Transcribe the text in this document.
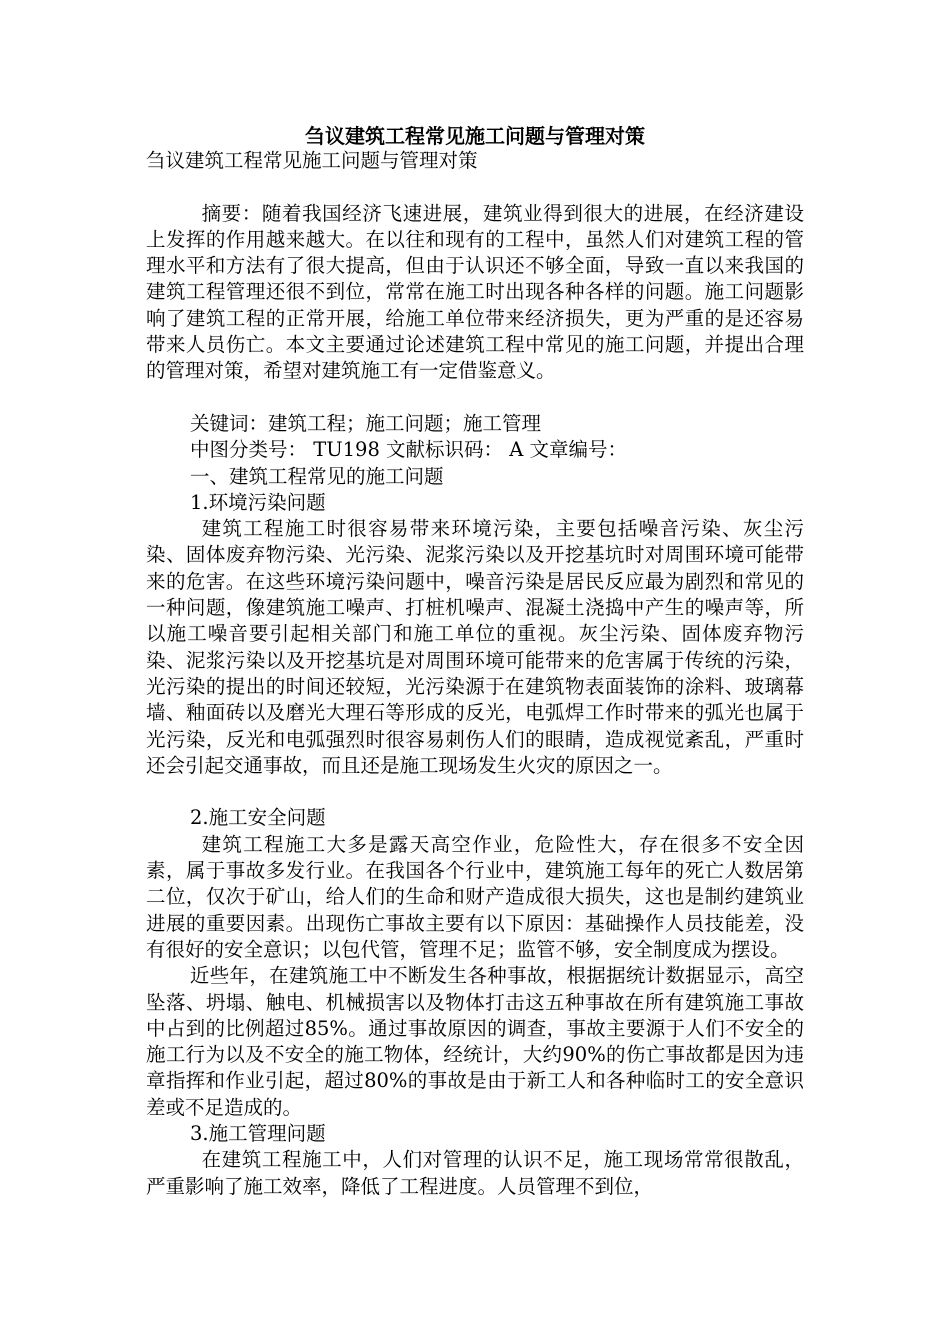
刍议建筑工程常见施工问题与管理对策

刍议建筑工程常见施工问题与管理对策

摘要：随着我国经济飞速进展，建筑业得到很大的进展，在经济建设上发挥的作用越来越大。在以往和现有的工程中，虽然人们对建筑工程的管理水平和方法有了很大提高，但由于认识还不够全面，导致一直以来我国的建筑工程管理还很不到位，常常在施工时出现各种各样的问题。施工问题影响了建筑工程的正常开展，给施工单位带来经济损失，更为严重的是还容易带来人员伤亡。本文主要通过论述建筑工程中常见的施工问题，并提出合理的管理对策，希望对建筑施工有一定借鉴意义。

关键词：建筑工程；施工问题；施工管理

中图分类号： TU198 文献标识码： A 文章编号：

一、建筑工程常见的施工问题

1.环境污染问题

建筑工程施工时很容易带来环境污染，主要包括噪音污染、灰尘污染、固体废弃物污染、光污染、泥浆污染以及开挖基坑时对周围环境可能带来的危害。在这些环境污染问题中，噪音污染是居民反应最为剧烈和常见的一种问题，像建筑施工噪声、打桩机噪声、混凝土浇捣中产生的噪声等，所以施工噪音要引起相关部门和施工单位的重视。灰尘污染、固体废弃物污染、泥浆污染以及开挖基坑是对周围环境可能带来的危害属于传统的污染，光污染的提出的时间还较短，光污染源于在建筑物表面装饰的涂料、玻璃幕墙、釉面砖以及磨光大理石等形成的反光，电弧焊工作时带来的弧光也属于光污染，反光和电弧强烈时很容易刺伤人们的眼睛，造成视觉紊乱，严重时还会引起交通事故，而且还是施工现场发生火灾的原因之一。

2.施工安全问题

建筑工程施工大多是露天高空作业，危险性大，存在很多不安全因素，属于事故多发行业。在我国各个行业中，建筑施工每年的死亡人数居第二位，仅次于矿山，给人们的生命和财产造成很大损失，这也是制约建筑业进展的重要因素。出现伤亡事故主要有以下原因：基础操作人员技能差，没有很好的安全意识；以包代管，管理不足；监管不够，安全制度成为摆设。

近些年，在建筑施工中不断发生各种事故，根据据统计数据显示，高空坠落、坍塌、触电、机械损害以及物体打击这五种事故在所有建筑施工事故中占到的比例超过85%。通过事故原因的调查，事故主要源于人们不安全的施工行为以及不安全的施工物体，经统计，大约90%的伤亡事故都是因为违章指挥和作业引起，超过80%的事故是由于新工人和各种临时工的安全意识差或不足造成的。

3.施工管理问题

在建筑工程施工中，人们对管理的认识不足，施工现场常常很散乱，严重影响了施工效率，降低了工程进度。人员管理不到位，
